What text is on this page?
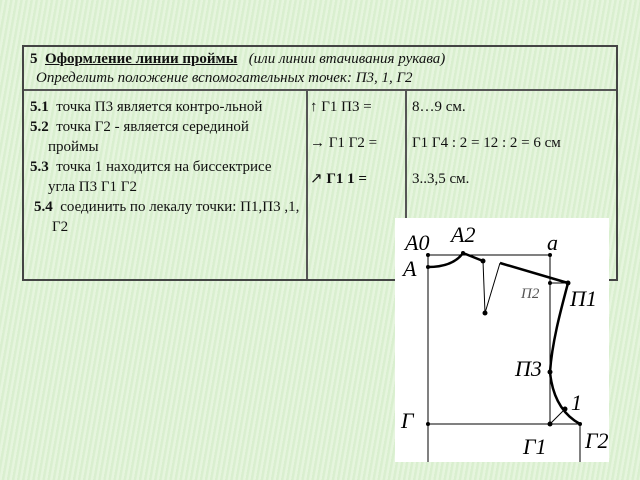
5 Оформление линии проймы (или линии втачивания рукава)
Определить положение вспомогательных точек: П3, 1, Г2

5.1 точка П3 является контро-льной

5.2 точка Г2 - является серединой проймы

5.3 точка 1 находится на биссектрисе угла П3 Г1 Г2

5.4 соединить по лекалу точки: П1,П3 ,1, Г2

↑ Г1 П3 =
→ Г1 Г2 =
↗ Г1 1 =
8…9 см.
Г1 Г4 : 2 = 12 : 2 = 6 см
3..3,5 см.
A0 A2	a
A
П2 П1
П3
1
Г
Г1 Г2
